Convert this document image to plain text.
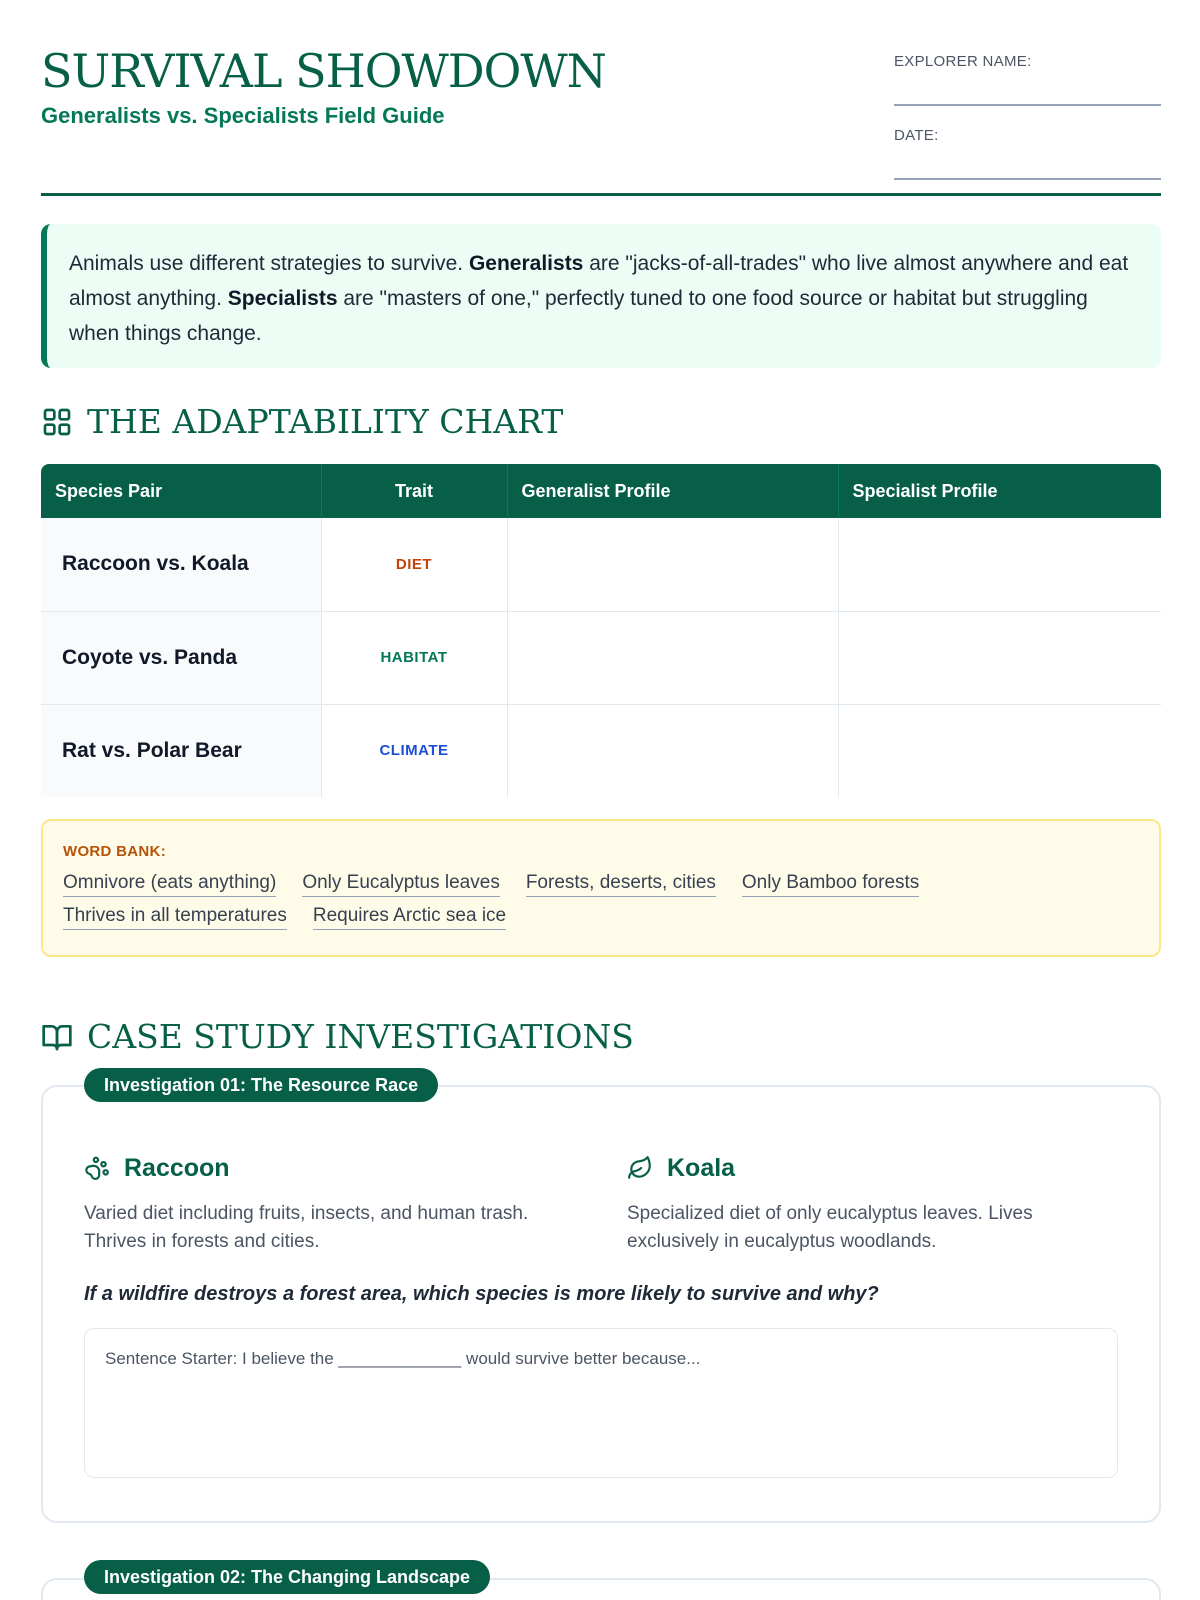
SURVIVAL SHOWDOWN
Generalists vs. Specialists Field Guide
EXPLORER NAME:
DATE:
Animals use different strategies to survive. Generalists are "jacks-of-all-trades" who live almost anywhere and eat almost anything. Specialists are "masters of one," perfectly tuned to one food source or habitat but struggling when things change.
THE ADAPTABILITY CHART
Species Pair	Trait	Generalist Profile	Specialist Profile
Raccoon vs. Koala	DIET		
Coyote vs. Panda	HABITAT		
Rat vs. Polar Bear	CLIMATE		
WORD BANK:
Omnivore (eats anything) Only Eucalyptus leaves Forests, deserts, cities Only Bamboo forests
Thrives in all temperatures Requires Arctic sea ice
CASE STUDY INVESTIGATIONS
Investigation 01: The Resource Race
Raccoon
Varied diet including fruits, insects, and human trash. Thrives in forests and cities.
Koala
Specialized diet of only eucalyptus leaves. Lives exclusively in eucalyptus woodlands.
If a wildfire destroys a forest area, which species is more likely to survive and why?
Sentence Starter: I believe the _____________ would survive better because...
Investigation 02: The Changing Landscape
